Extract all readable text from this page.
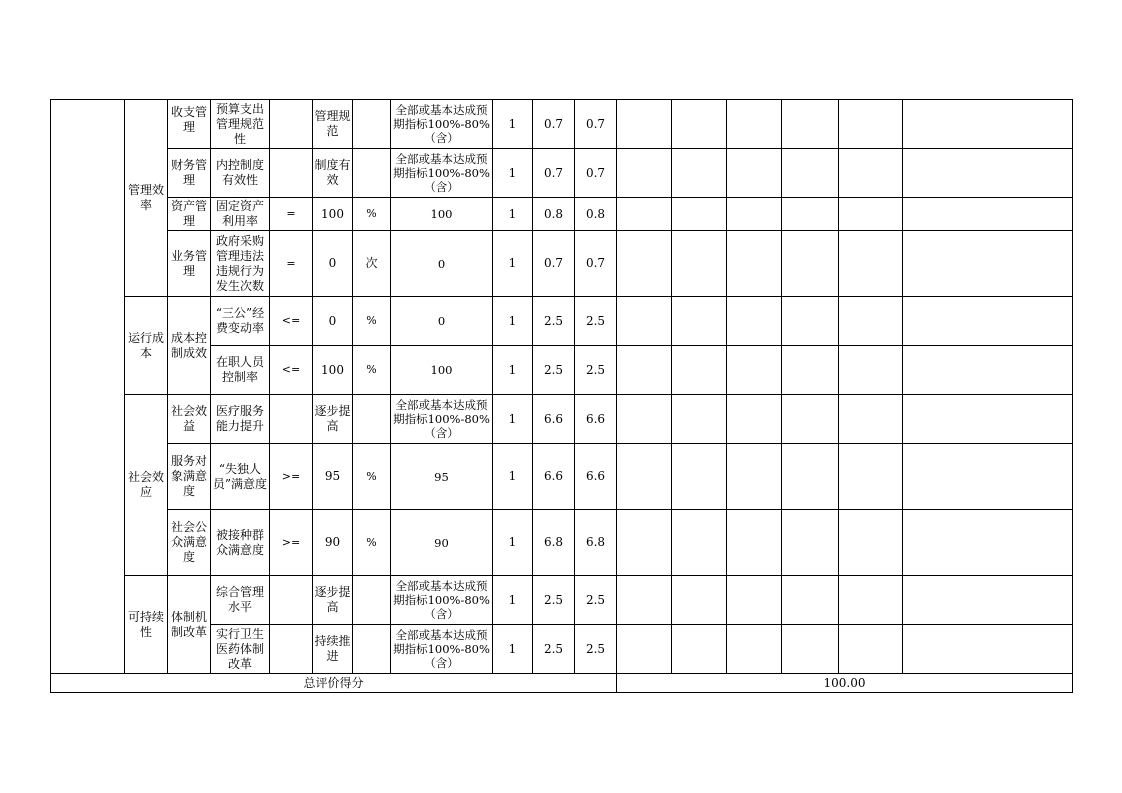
	管理效率	收支管理	预算支出管理规范性		管理规范		全部或基本达成预期指标100%-80%（含）	1	0.7	0.7						
		财务管理	内控制度有效性		制度有效		全部或基本达成预期指标100%-80%（含）	1	0.7	0.7						
		资产管理	固定资产利用率	=	100	%	100	1	0.8	0.8						
		业务管理	政府采购管理违法违规行为发生次数	=	0	次	0	1	0.7	0.7						
	运行成本	成本控制成效	“三公”经费变动率	<=	0	%	0	1	2.5	2.5						
			在职人员控制率	<=	100	%	100	1	2.5	2.5						
	社会效应	社会效益	医疗服务能力提升		逐步提高		全部或基本达成预期指标100%-80%（含）	1	6.6	6.6						
		服务对象满意度	“失独人员”满意度	>=	95	%	95	1	6.6	6.6						
		社会公众满意度	被接种群众满意度	>=	90	%	90	1	6.8	6.8						
	可持续性	体制机制改革	综合管理水平		逐步提高		全部或基本达成预期指标100%-80%（含）	1	2.5	2.5						
			实行卫生医药体制改革		持续推进		全部或基本达成预期指标100%-80%（含）	1	2.5	2.5						
总评价得分											100.00					
